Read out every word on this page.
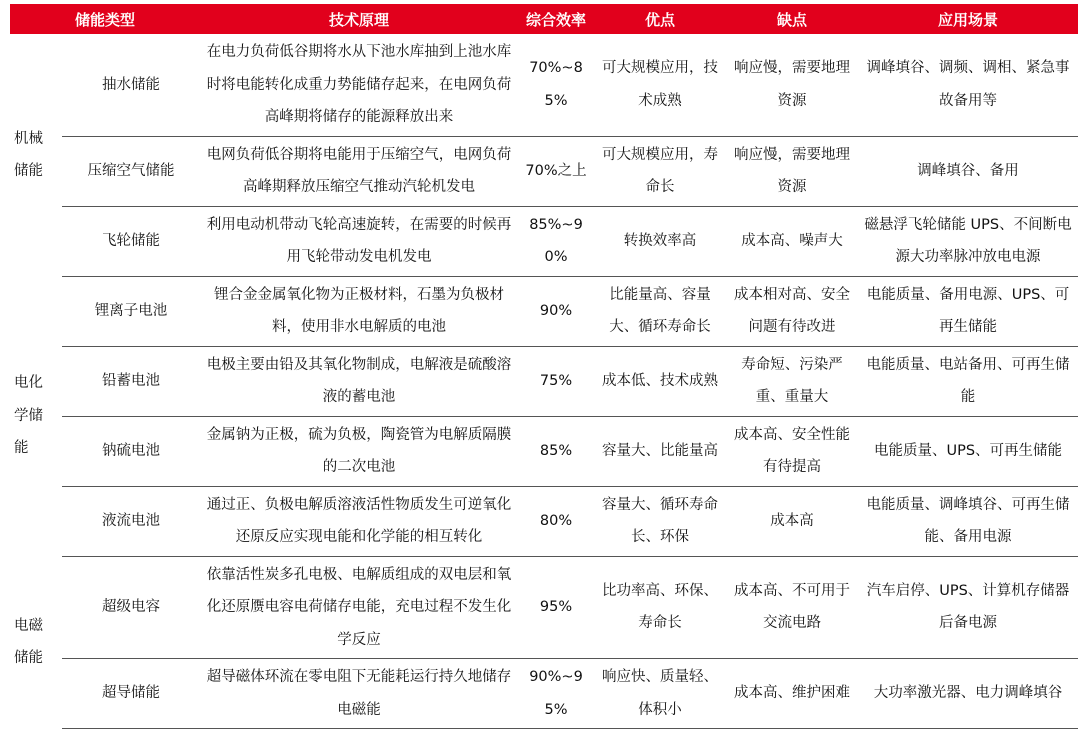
储能类型		技术原理	综合效率	优点	缺点	应用场景
机械储能	抽水储能	在电力负荷低谷期将水从下池水库抽到上池水库时将电能转化成重力势能储存起来，在电网负荷高峰期将储存的能源释放出来	70%~85%	可大规模应用，技术成熟	响应慢，需要地理资源	调峰填谷、调频、调相、紧急事故备用等
	压缩空气储能	电网负荷低谷期将电能用于压缩空气，电网负荷高峰期释放压缩空气推动汽轮机发电	70%之上	可大规模应用，寿命长	响应慢，需要地理资源	调峰填谷、备用
	飞轮储能	利用电动机带动飞轮高速旋转，在需要的时候再用飞轮带动发电机发电	85%~90%	转换效率高	成本高、噪声大	磁悬浮飞轮储能 UPS、不间断电源大功率脉冲放电电源
电化学储能	锂离子电池	锂合金金属氧化物为正极材料，石墨为负极材料，使用非水电解质的电池	90%	比能量高、容量大、循环寿命长	成本相对高、安全问题有待改进	电能质量、备用电源、UPS、可再生储能
	铅蓄电池	电极主要由铅及其氧化物制成，电解液是硫酸溶液的蓄电池	75%	成本低、技术成熟	寿命短、污染严重、重量大	电能质量、电站备用、可再生储能
	钠硫电池	金属钠为正极，硫为负极，陶瓷管为电解质隔膜的二次电池	85%	容量大、比能量高	成本高、安全性能有待提高	电能质量、UPS、可再生储能
	液流电池	通过正、负极电解质溶液活性物质发生可逆氧化还原反应实现电能和化学能的相互转化	80%	容量大、循环寿命长、环保	成本高	电能质量、调峰填谷、可再生储能、备用电源
电磁储能	超级电容	依靠活性炭多孔电极、电解质组成的双电层和氧化还原赝电容电荷储存电能，充电过程不发生化学反应	95%	比功率高、环保、寿命长	成本高、不可用于交流电路	汽车启停、UPS、计算机存储器后备电源
	超导储能	超导磁体环流在零电阻下无能耗运行持久地储存电磁能	90%~95%	响应快、质量轻、体积小	成本高、维护困难	大功率激光器、电力调峰填谷
